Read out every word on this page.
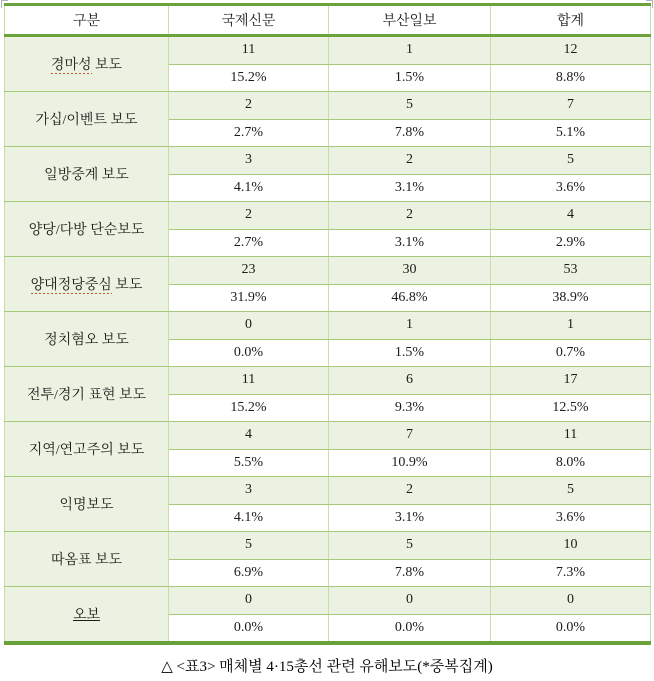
구분	국제신문	부산일보	합계
경마성 보도	11	1	12
	15.2%	1.5%	8.8%
가십/이벤트 보도	2	5	7
	2.7%	7.8%	5.1%
일방중계 보도	3	2	5
	4.1%	3.1%	3.6%
양당/다방 단순보도	2	2	4
	2.7%	3.1%	2.9%
양대정당중심 보도	23	30	53
	31.9%	46.8%	38.9%
정치혐오 보도	0	1	1
	0.0%	1.5%	0.7%
전투/경기 표현 보도	11	6	17
	15.2%	9.3%	12.5%
지역/연고주의 보도	4	7	11
	5.5%	10.9%	8.0%
익명보도	3	2	5
	4.1%	3.1%	3.6%
따옴표 보도	5	5	10
	6.9%	7.8%	7.3%
오보	0	0	0
	0.0%	0.0%	0.0%
△ <표3> 매체별 4·15총선 관련 유해보도(*중복집계)
